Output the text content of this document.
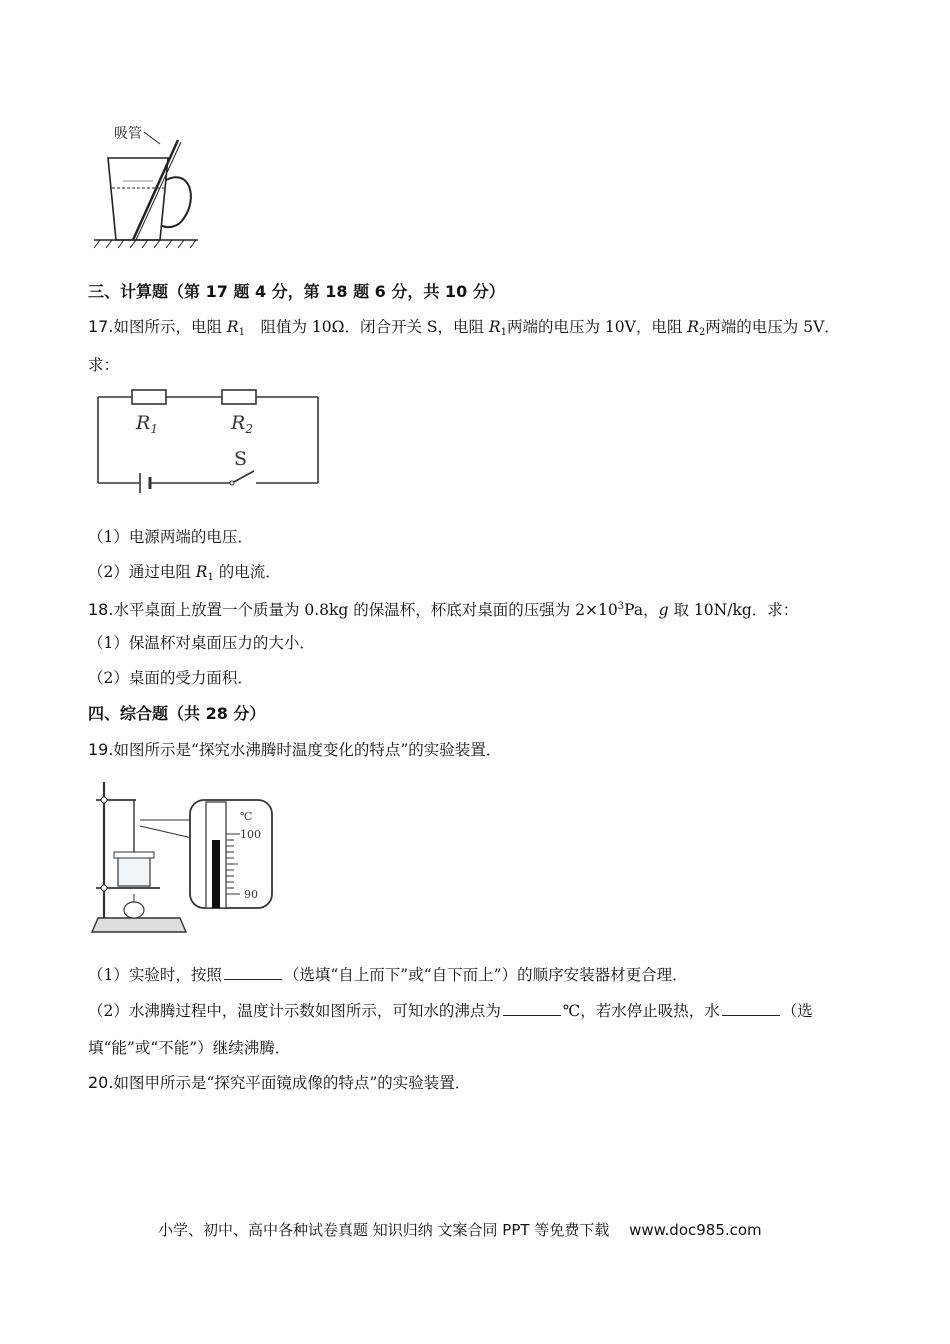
吸管
三、计算题（第 17 题 4 分，第 18 题 6 分，共 10 分）
17.如图所示，电阻 $R_1$　阻值为 10Ω．闭合开关 S，电阻 $R_1$两端的电压为 10V，电阻 $R_2$两端的电压为 5V．
求：
$R_1$	$R_2$
S
（1）电源两端的电压．
（2）通过电阻 $R_1$ 的电流．
18.水平桌面上放置一个质量为 0.8kg 的保温杯，杯底对桌面的压强为 $2\times 10^3Pa$，g 取 10N/kg．求：
（1）保温杯对桌面压力的大小．
（2）桌面的受力面积．
四、综合题（共 28 分）
19.如图所示是“探究水沸腾时温度变化的特点”的实验装置．
℃
100
90
（1）实验时，按照	（选填“自上而下”或“自下而上”）的顺序安装器材更合理．
（2）水沸腾过程中，温度计示数如图所示，可知水的沸点为	℃，若水停止吸热，水	（选
填“能”或“不能”）继续沸腾．
20.如图甲所示是“探究平面镜成像的特点”的实验装置．
小学、初中、高中各种试卷真题 知识归纳 文案合同 PPT 等免费下载　 www.doc985.com
